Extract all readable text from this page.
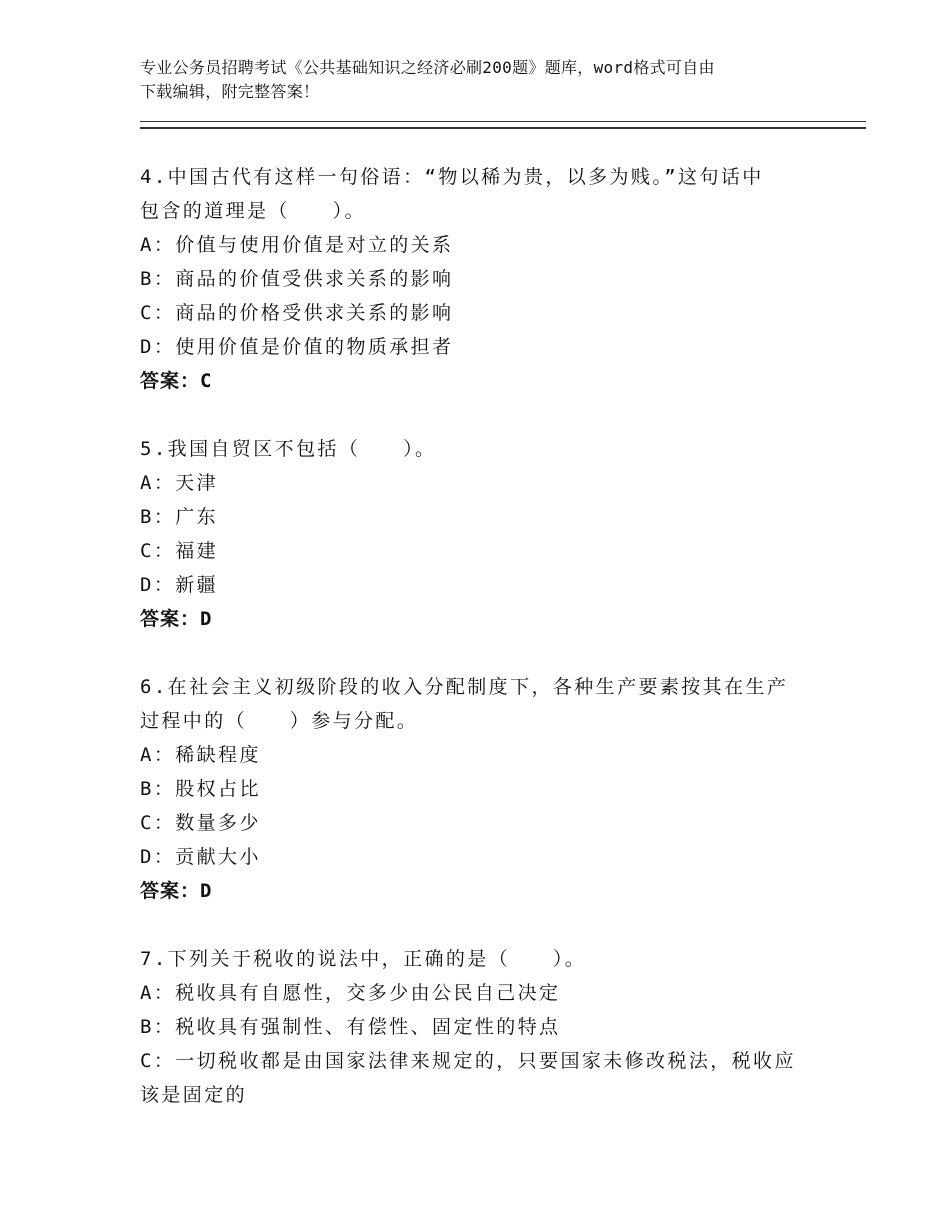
专业公务员招聘考试《公共基础知识之经济必刷200题》题库，word格式可自由
下载编辑，附完整答案！
4.中国古代有这样一句俗语：“物以稀为贵，以多为贱。”这句话中
包含的道理是（　　）。
A：价值与使用价值是对立的关系
B：商品的价值受供求关系的影响
C：商品的价格受供求关系的影响
D：使用价值是价值的物质承担者
答案：C
5.我国自贸区不包括（　　）。
A：天津
B：广东
C：福建
D：新疆
答案：D
6.在社会主义初级阶段的收入分配制度下，各种生产要素按其在生产
过程中的（　　）参与分配。
A：稀缺程度
B：股权占比
C：数量多少
D：贡献大小
答案：D
7.下列关于税收的说法中，正确的是（　　）。
A：税收具有自愿性，交多少由公民自己决定
B：税收具有强制性、有偿性、固定性的特点
C：一切税收都是由国家法律来规定的，只要国家未修改税法，税收应
该是固定的
